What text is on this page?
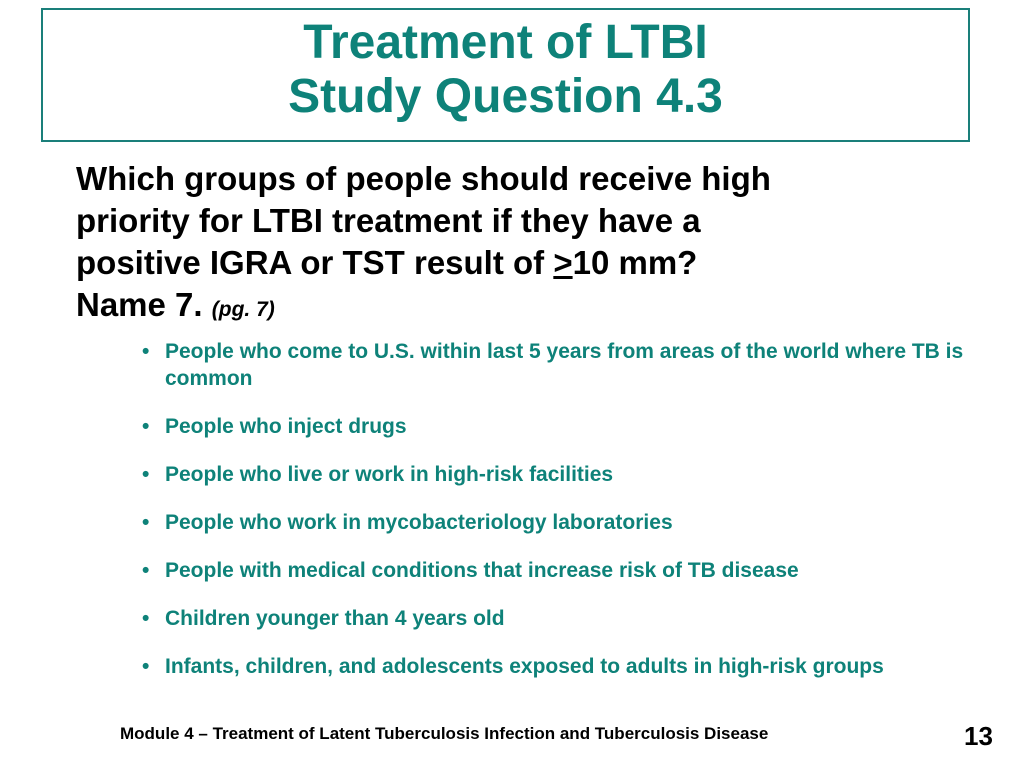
Treatment of LTBI
Study Question 4.3
Which groups of people should receive high
priority for LTBI treatment if they have a
positive IGRA or TST result of ≥10 mm?
Name 7. (pg. 7)
• People who come to U.S. within last 5 years from areas of the world where TB is common
• People who inject drugs
• People who live or work in high-risk facilities
• People who work in mycobacteriology laboratories
• People with medical conditions that increase risk of TB disease
• Children younger than 4 years old
• Infants, children, and adolescents exposed to adults in high-risk groups
Module 4 – Treatment of Latent Tuberculosis Infection and Tuberculosis Disease	13
